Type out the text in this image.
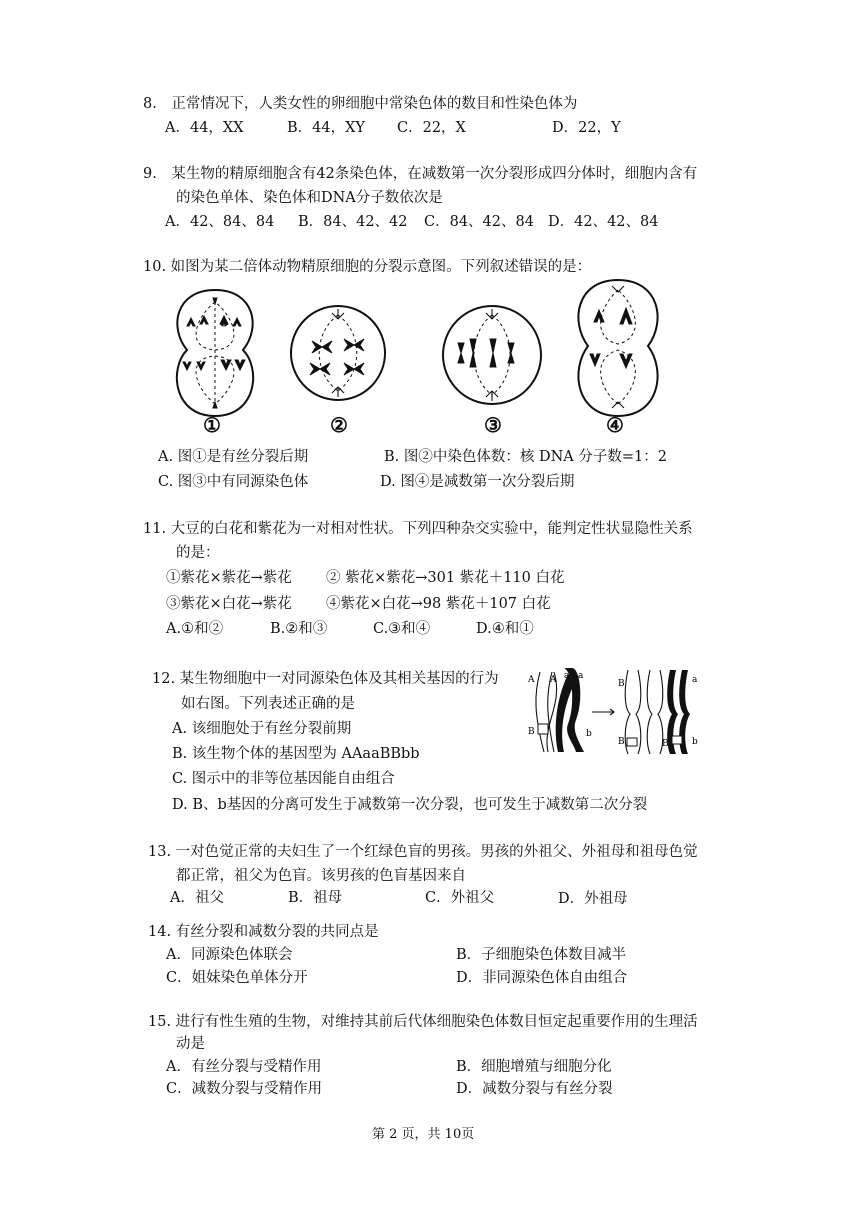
8.　正常情况下，人类女性的卵细胞中常染色体的数目和性染色体为
A．44，XX	B．44，XY C．22，X	D．22，Y
9.　某生物的精原细胞含有42条染色体，在减数第一次分裂形成四分体时，细胞内含有
的染色单体、染色体和DNA分子数依次是
A．42、84、84 B．84、42、42 C．84、42、84 D．42、42、84
10. 如图为某二倍体动物精原细胞的分裂示意图。下列叙述错误的是：
①	②	③	④
A. 图①是有丝分裂后期	B. 图②中染色体数：核 DNA 分子数=1：2
C. 图③中有同源染色体	D. 图④是减数第一次分裂后期
11. 大豆的白花和紫花为一对相对性状。下列四种杂交实验中，能判定性状显隐性关系
的是：
①紫花×紫花→紫花 ② 紫花×紫花→301 紫花＋110 白花
③紫花×白花→紫花 ④紫花×白花→98 紫花＋107 白花
A.①和②	B.②和③	C.③和④	D.④和①
12. 某生物细胞中一对同源染色体及其相关基因的行为
如右图。下列表述正确的是
A. 该细胞处于有丝分裂前期
B. 该生物个体的基因型为 AAaaBBbb
C. 图示中的非等位基因能自由组合
D. B、b基因的分离可发生于减数第一次分裂，也可发生于减数第二次分裂
A	a
a
A
B	b
B
B
a
B	b
13. 一对色觉正常的夫妇生了一个红绿色盲的男孩。男孩的外祖父、外祖母和祖母色觉
都正常，祖父为色盲。该男孩的色盲基因来自
A．祖父	B．祖母	C．外祖父	D．外祖母
14. 有丝分裂和减数分裂的共同点是
A．同源染色体联会	B．子细胞染色体数目减半
C．姐妹染色单体分开	D．非同源染色体自由组合
15. 进行有性生殖的生物，对维持其前后代体细胞染色体数目恒定起重要作用的生理活
动是
A．有丝分裂与受精作用	B．细胞增殖与细胞分化
C．减数分裂与受精作用	D．减数分裂与有丝分裂
第 2 页，共 10页
